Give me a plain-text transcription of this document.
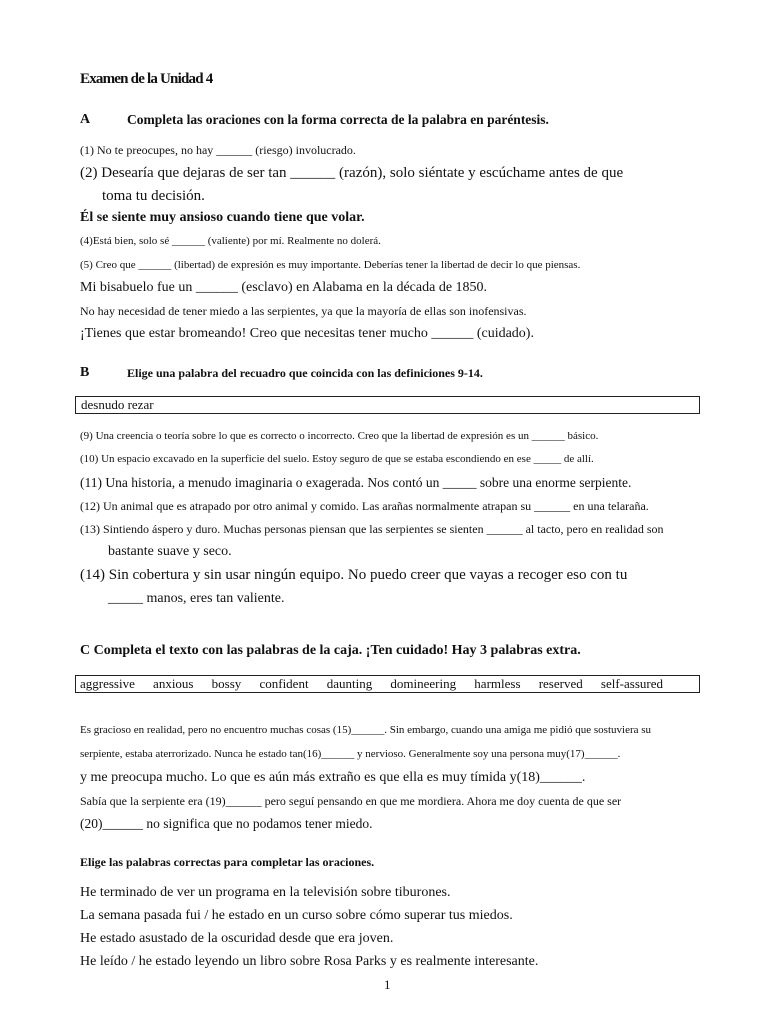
Examen de la Unidad 4
A	Completa las oraciones con la forma correcta de la palabra en paréntesis.
(1) No te preocupes, no hay ______ (riesgo) involucrado.
(2) Desearía que dejaras de ser tan ______ (razón), solo siéntate y escúchame antes de que
toma tu decisión.
Él se siente muy ansioso cuando tiene que volar.
(4)Está bien, solo sé ______ (valiente) por mí. Realmente no dolerá.
(5) Creo que ______ (libertad) de expresión es muy importante. Deberías tener la libertad de decir lo que piensas.
Mi bisabuelo fue un ______ (esclavo) en Alabama en la década de 1850.
No hay necesidad de tener miedo a las serpientes, ya que la mayoría de ellas son inofensivas.
¡Tienes que estar bromeando! Creo que necesitas tener mucho ______ (cuidado).
B	Elige una palabra del recuadro que coincida con las definiciones 9-14.
desnudo rezar
(9) Una creencia o teoría sobre lo que es correcto o incorrecto. Creo que la libertad de expresión es un ______ básico.
(10) Un espacio excavado en la superficie del suelo. Estoy seguro de que se estaba escondiendo en ese _____ de allí.
(11) Una historia, a menudo imaginaria o exagerada. Nos contó un _____ sobre una enorme serpiente.
(12) Un animal que es atrapado por otro animal y comido. Las arañas normalmente atrapan su ______ en una telaraña.
(13) Sintiendo áspero y duro. Muchas personas piensan que las serpientes se sienten ______ al tacto, pero en realidad son
bastante suave y seco.
(14) Sin cobertura y sin usar ningún equipo. No puedo creer que vayas a recoger eso con tu
_____ manos, eres tan valiente.
C Completa el texto con las palabras de la caja. ¡Ten cuidado! Hay 3 palabras extra.
aggressive anxious bossy confident daunting domineering harmless reserved self-assured
Es gracioso en realidad, pero no encuentro muchas cosas (15)______. Sin embargo, cuando una amiga me pidió que sostuviera su
serpiente, estaba aterrorizado. Nunca he estado tan(16)______ y nervioso. Generalmente soy una persona muy(17)______.
y me preocupa mucho. Lo que es aún más extraño es que ella es muy tímida y(18)______.
Sabía que la serpiente era (19)______ pero seguí pensando en que me mordiera. Ahora me doy cuenta de que ser
(20)______ no significa que no podamos tener miedo.
Elige las palabras correctas para completar las oraciones.
He terminado de ver un programa en la televisión sobre tiburones.
La semana pasada fui / he estado en un curso sobre cómo superar tus miedos.
He estado asustado de la oscuridad desde que era joven.
He leído / he estado leyendo un libro sobre Rosa Parks y es realmente interesante.
1
